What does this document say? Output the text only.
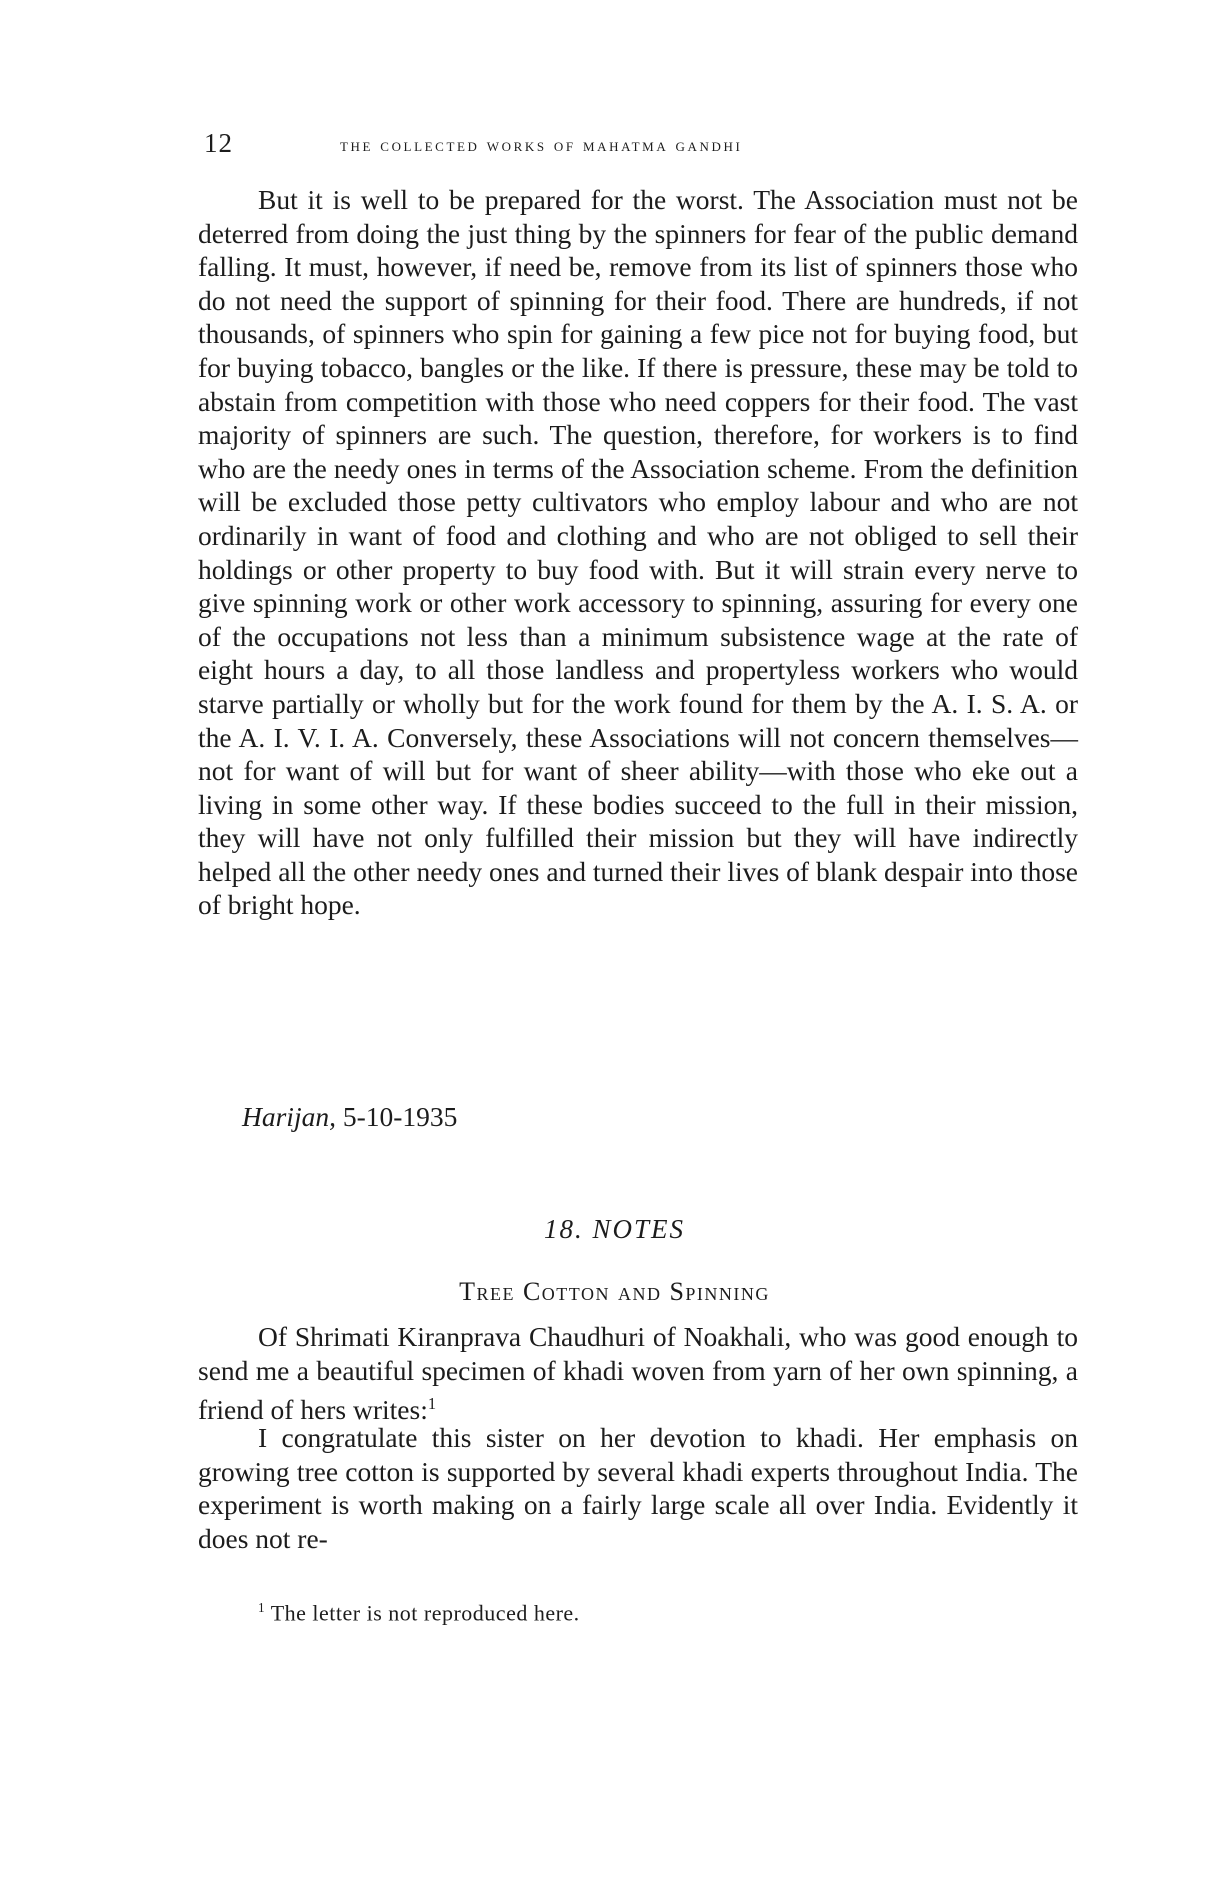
12	the collected works of mahatma gandhi

But it is well to be prepared for the worst. The Association must not be deterred from doing the just thing by the spinners for fear of the public demand falling. It must, however, if need be, remove from its list of spinners those who do not need the support of spinning for their food. There are hundreds, if not thousands, of spinners who spin for gaining a few pice not for buying food, but for buying tobacco, bangles or the like. If there is pressure, these may be told to abstain from competition with those who need coppers for their food. The vast majority of spinners are such. The question, therefore, for workers is to find who are the needy ones in terms of the Association scheme. From the definition will be excluded those petty cultivators who employ labour and who are not ordinarily in want of food and clothing and who are not obliged to sell their holdings or other property to buy food with. But it will strain every nerve to give spinning work or other work accessory to spinning, assuring for every one of the occupations not less than a minimum subsistence wage at the rate of eight hours a day, to all those landless and propertyless workers who would starve partially or wholly but for the work found for them by the A. I. S. A. or the A. I. V. I. A. Conversely, these Associations will not concern themselves—not for want of will but for want of sheer ability—with those who eke out a living in some other way. If these bodies succeed to the full in their mission, they will have not only fulfilled their mission but they will have indirectly helped all the other needy ones and turned their lives of blank despair into those of bright hope.

Harijan, 5-10-1935
18. NOTES
Tree Cotton and Spinning

Of Shrimati Kiranprava Chaudhuri of Noakhali, who was good enough to send me a beautiful specimen of khadi woven from yarn of her own spinning, a friend of hers writes:$^1$

I congratulate this sister on her devotion to khadi. Her emphasis on growing tree cotton is supported by several khadi experts throughout India. The experiment is worth making on a fairly large scale all over India. Evidently it does not re-

$^1$ The letter is not reproduced here.
